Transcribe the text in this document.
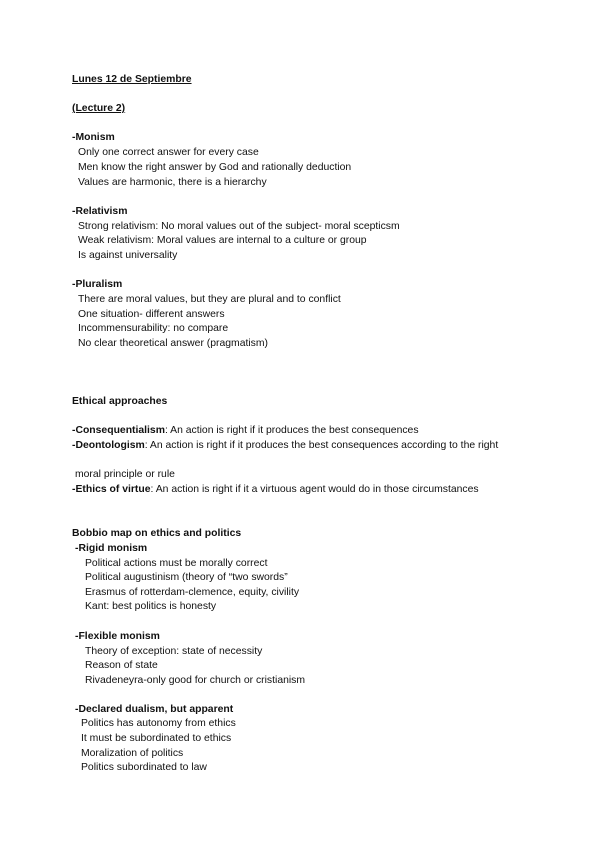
Lunes 12 de Septiembre
(Lecture 2)
-Monism
Only one correct answer for every case
Men know the right answer by God and rationally deduction
Values are harmonic, there is a hierarchy
-Relativism
Strong relativism: No moral values out of the subject- moral scepticsm
Weak relativism: Moral values are internal to a culture or group
Is against universality
-Pluralism
There are moral values, but they are plural and to conflict
One situation- different answers
Incommensurability: no compare
No clear theoretical answer (pragmatism)
Ethical approaches
-Consequentialism: An action is right if it produces the best consequences
-Deontologism: An action is right if it produces the best consequences according to the right
moral principle or rule
-Ethics of virtue: An action is right if it a virtuous agent would do in those circumstances
Bobbio map on ethics and politics
-Rigid monism
Political actions must be morally correct
Political augustinism (theory of “two swords”
Erasmus of rotterdam-clemence, equity, civility
Kant: best politics is honesty
-Flexible monism
Theory of exception: state of necessity
Reason of state
Rivadeneyra-only good for church or cristianism
-Declared dualism, but apparent
Politics has autonomy from ethics
It must be subordinated to ethics
Moralization of politics
Politics subordinated to law
